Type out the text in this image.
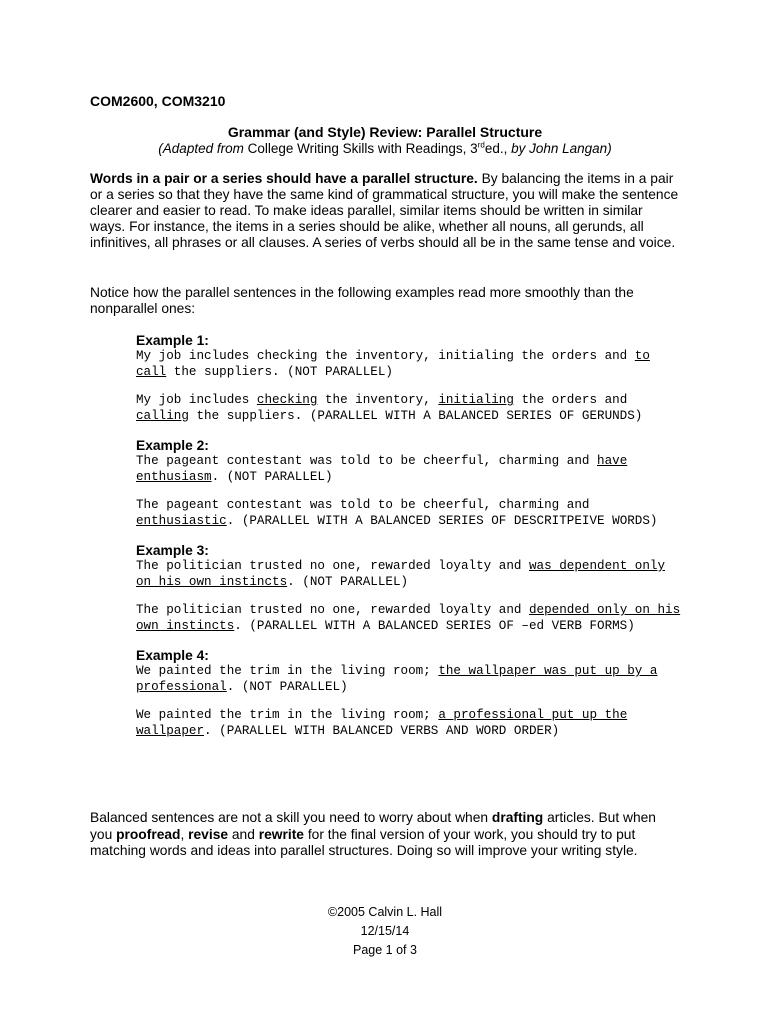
COM2600, COM3210
Grammar (and Style) Review: Parallel Structure
(Adapted from College Writing Skills with Readings, 3rded., by John Langan)
Words in a pair or a series should have a parallel structure. By balancing the items in a pair or a series so that they have the same kind of grammatical structure, you will make the sentence clearer and easier to read. To make ideas parallel, similar items should be written in similar ways. For instance, the items in a series should be alike, whether all nouns, all gerunds, all infinitives, all phrases or all clauses. A series of verbs should all be in the same tense and voice.
Notice how the parallel sentences in the following examples read more smoothly than the nonparallel ones:
Example 1:
My job includes checking the inventory, initialing the orders and to call the suppliers. (NOT PARALLEL)
My job includes checking the inventory, initialing the orders and calling the suppliers. (PARALLEL WITH A BALANCED SERIES OF GERUNDS)
Example 2:
The pageant contestant was told to be cheerful, charming and have enthusiasm. (NOT PARALLEL)
The pageant contestant was told to be cheerful, charming and enthusiastic. (PARALLEL WITH A BALANCED SERIES OF DESCRITPEIVE WORDS)
Example 3:
The politician trusted no one, rewarded loyalty and was dependent only on his own instincts. (NOT PARALLEL)
The politician trusted no one, rewarded loyalty and depended only on his own instincts. (PARALLEL WITH A BALANCED SERIES OF –ed VERB FORMS)
Example 4:
We painted the trim in the living room; the wallpaper was put up by a professional. (NOT PARALLEL)
We painted the trim in the living room; a professional put up the wallpaper. (PARALLEL WITH BALANCED VERBS AND WORD ORDER)
Balanced sentences are not a skill you need to worry about when drafting articles. But when you proofread, revise and rewrite for the final version of your work, you should try to put matching words and ideas into parallel structures. Doing so will improve your writing style.
©2005 Calvin L. Hall
12/15/14
Page 1 of 3
